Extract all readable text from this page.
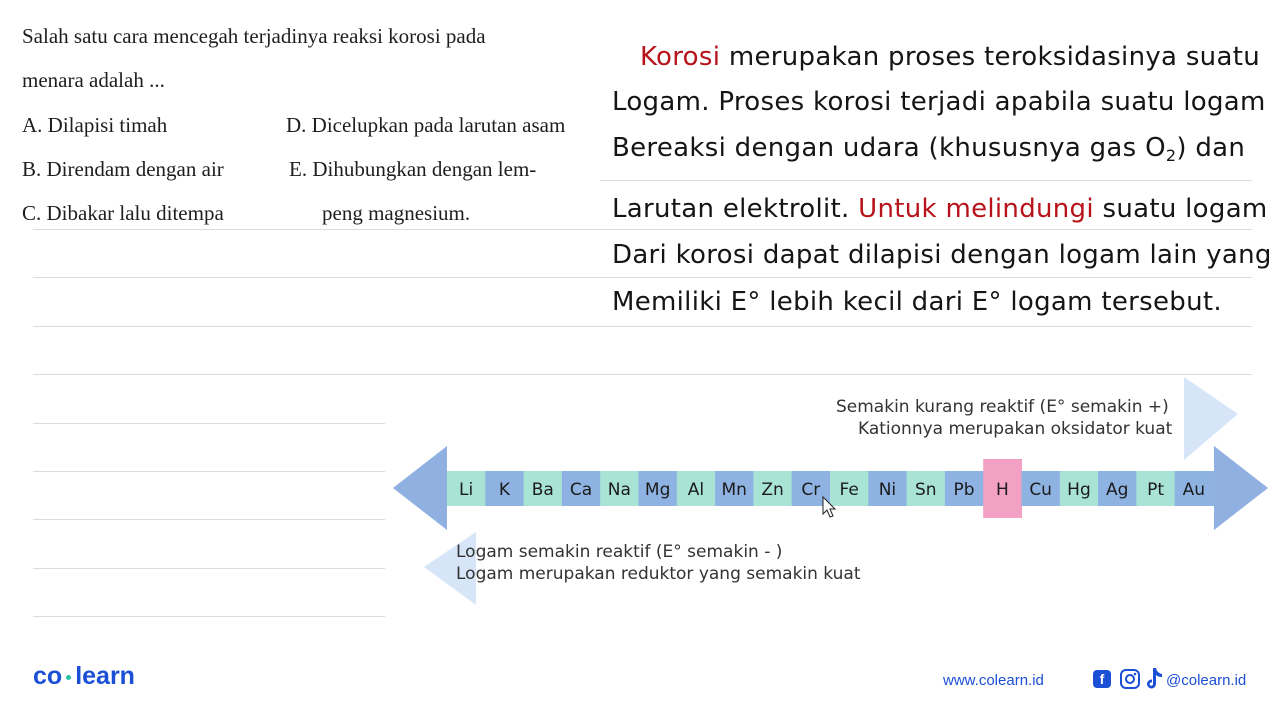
Salah satu cara mencegah terjadinya reaksi korosi pada
menara adalah ...
A. Dilapisi timah	D. Dicelupkan pada larutan asam
B. Direndam dengan air	E. Dihubungkan dengan lem-
C. Dibakar lalu ditempa	peng magnesium.
Korosi merupakan proses teroksidasinya suatu
Logam. Proses korosi terjadi apabila suatu logam
Bereaksi dengan udara (khususnya gas $O_2$) dan
Larutan elektrolit. Untuk melindungi suatu logam
Dari korosi dapat dilapisi dengan logam lain yang
Memiliki E° lebih kecil dari E° logam tersebut.
Li K Ba Ca Na Mg Al Mn Zn Cr Fe Ni Sn Pb H Cu Hg Ag Pt Au
Semakin kurang reaktif (E° semakin +)
Kationnya merupakan oksidator kuat
Logam semakin reaktif (E° semakin - )
Logam merupakan reduktor yang semakin kuat
co learn	www.colearn.id	f	@colearn.id
